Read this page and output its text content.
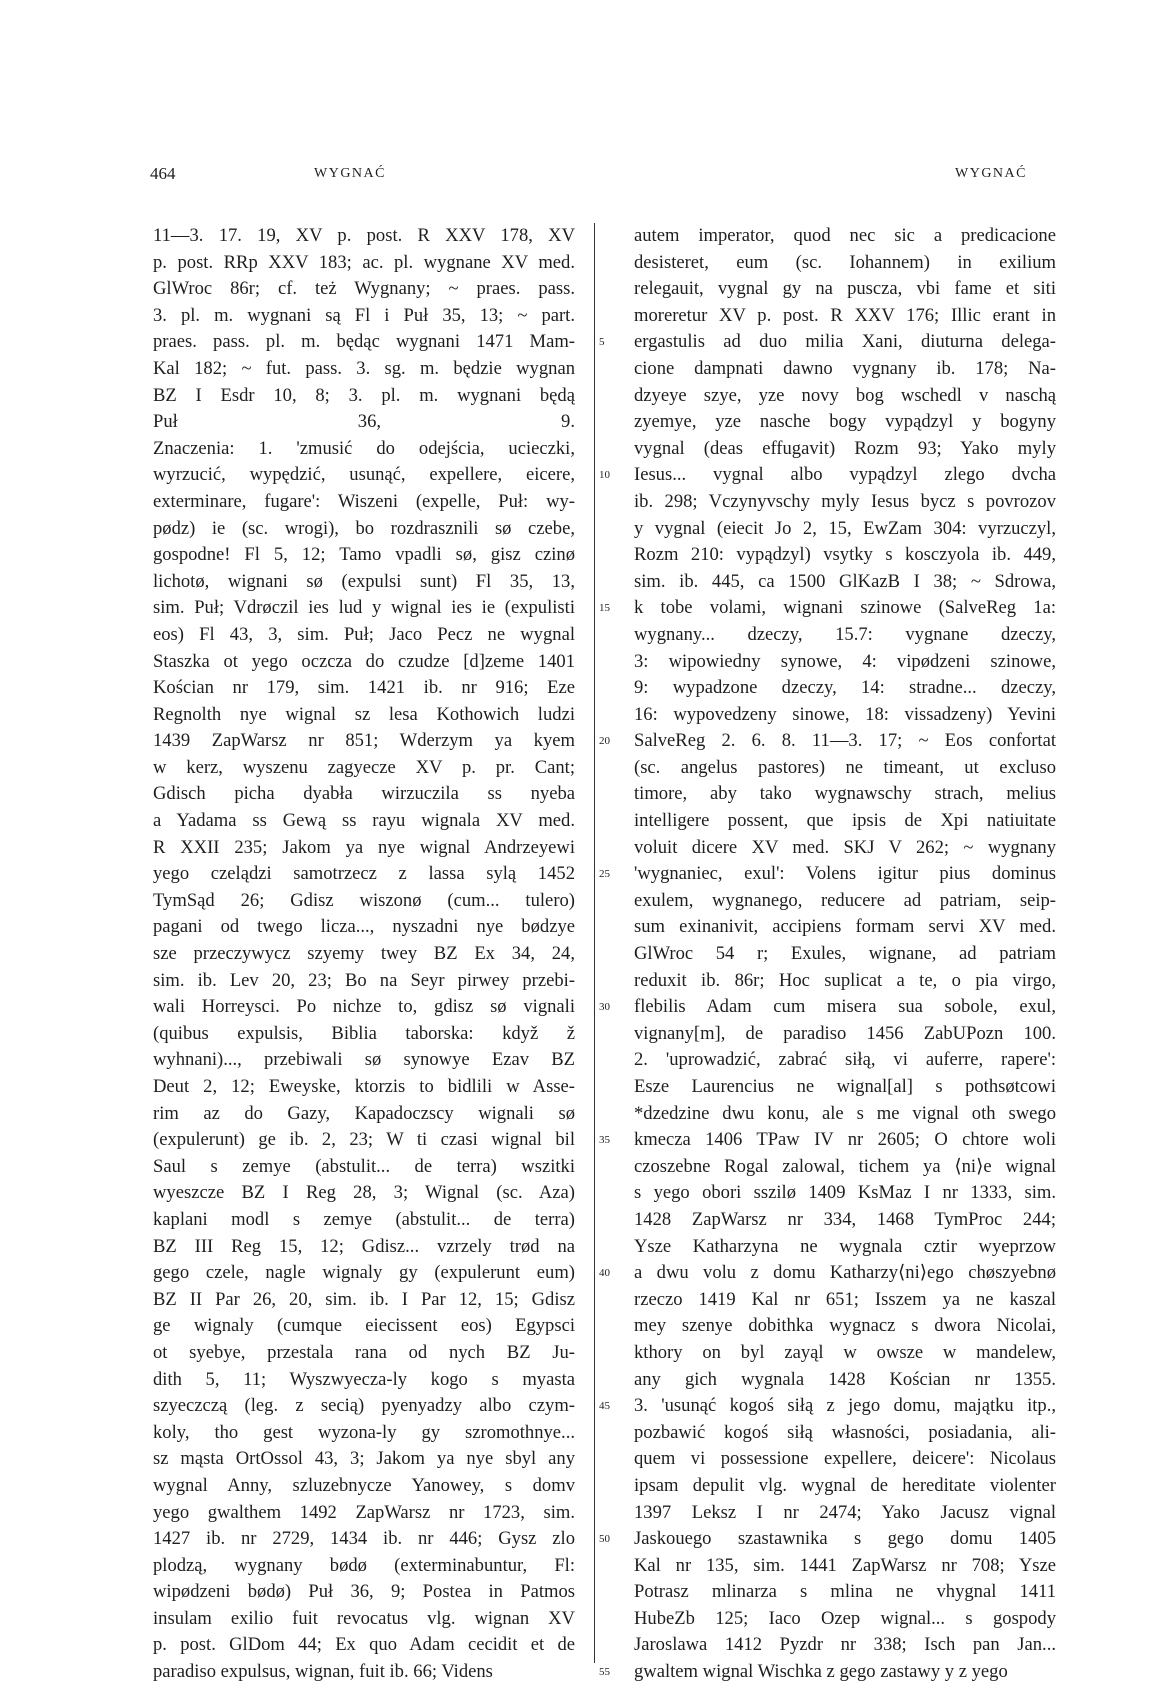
464	WYGNAĆ	WYGNAĆ
11—3. 17. 19, XV p. post. R XXV 178, XV
p. post. RRp XXV 183; ac. pl. wygnane XV med.
GlWroc 86r; cf. też Wygnany; ~ praes. pass.
3. pl. m. wygnani są Fl i Puł 35, 13; ~ part.
praes. pass. pl. m. będąc wygnani 1471 Mam-
Kal 182; ~ fut. pass. 3. sg. m. będzie wygnan
BZ I Esdr 10, 8; 3. pl. m. wygnani będą
Puł 36, 9.
Znaczenia: 1. 'zmusić do odejścia, ucieczki,
wyrzucić, wypędzić, usunąć, expellere, eicere,
exterminare, fugare': Wiszeni (expelle, Puł: wy-
pødz) ie (sc. wrogi), bo rozdrasznili sø czebe,
gospodne! Fl 5, 12; Tamo vpadli sø, gisz czinø
lichotø, wignani sø (expulsi sunt) Fl 35, 13,
sim. Puł; Vdrøczil ies lud y wignal ies ie (expulisti
eos) Fl 43, 3, sim. Puł; Jaco Pecz ne wygnal
Staszka ot yego oczcza do czudze [d]zeme 1401
Kościan nr 179, sim. 1421 ib. nr 916; Eze
Regnolth nye wignal sz lesa Kothowich ludzi
1439 ZapWarsz nr 851; Wderzym ya kyem
w kerz, wyszenu zagyecze XV p. pr. Cant;
Gdisch picha dyabła wirzuczila ss nyeba
a Yadama ss Gewą ss rayu wignala XV med.
R XXII 235; Jakom ya nye wignal Andrzeyewi
yego czelądzi samotrzecz z lassa sylą 1452
TymSąd 26; Gdisz wiszonø (cum... tulero)
pagani od twego licza..., nyszadni nye bødzye
sze przeczywycz szyemy twey BZ Ex 34, 24,
sim. ib. Lev 20, 23; Bo na Seyr pirwey przebi-
wali Horreysci. Po nichze to, gdisz sø vignali
(quibus expulsis, Biblia taborska: když ž
wyhnani)..., przebiwali sø synowye Ezav BZ
Deut 2, 12; Eweyske, ktorzis to bidlili w Asse-
rim az do Gazy, Kapadoczscy wignali sø
(expulerunt) ge ib. 2, 23; W ti czasi wignal bil
Saul s zemye (abstulit... de terra) wszitki
wyeszcze BZ I Reg 28, 3; Wignal (sc. Aza)
kaplani modl s zemye (abstulit... de terra)
BZ III Reg 15, 12; Gdisz... vzrzely trød na
gego czele, nagle wignaly gy (expulerunt eum)
BZ II Par 26, 20, sim. ib. I Par 12, 15; Gdisz
ge wignaly (cumque eiecissent eos) Egypsci
ot syebye, przestala rana od nych BZ Ju-
dith 5, 11; Wyszwyecza-ly kogo s myasta
szyeczczą (leg. z secią) pyenyadzy albo czym-
koly, tho gest wyzona-ly gy szromothnye...
sz mąsta OrtOssol 43, 3; Jakom ya nye sbyl any
wygnal Anny, szluzebnycze Yanowey, s domv
yego gwalthem 1492 ZapWarsz nr 1723, sim.
1427 ib. nr 2729, 1434 ib. nr 446; Gysz zlo
plodzą, wygnany bødø (exterminabuntur, Fl:
wipødzeni bødø) Puł 36, 9; Postea in Patmos
insulam exilio fuit revocatus vlg. wignan XV
p. post. GlDom 44; Ex quo Adam cecidit et de
paradiso expulsus, wignan, fuit ib. 66; Videns
5
10
15
20
25
30
35
40
45
50
55
autem imperator, quod nec sic a predicacione
desisteret, eum (sc. Iohannem) in exilium
relegauit, vygnal gy na puscza, vbi fame et siti
moreretur XV p. post. R XXV 176; Illic erant in
ergastulis ad duo milia Xani, diuturna delega-
cione dampnati dawno vygnany ib. 178; Na-
dzyeye szye, yze novy bog wschedl v naschą
zyemye, yze nasche bogy vypądzyl y bogyny
vygnal (deas effugavit) Rozm 93; Yako myly
Iesus... vygnal albo vypądzyl zlego dvcha
ib. 298; Vczynyvschy myly Iesus bycz s povrozov
y vygnal (eiecit Jo 2, 15, EwZam 304: vyrzuczyl,
Rozm 210: vypądzyl) vsytky s kosczyola ib. 449,
sim. ib. 445, ca 1500 GlKazB I 38; ~ Sdrowa,
k tobe volami, wignani szinowe (SalveReg 1a:
wygnany... dzeczy, 15.7: vygnane dzeczy,
3: wipowiedny synowe, 4: vipødzeni szinowe,
9: wypadzone dzeczy, 14: stradne... dzeczy,
16: wypovedzeny sinowe, 18: vissadzeny) Yevini
SalveReg 2. 6. 8. 11—3. 17; ~ Eos confortat
(sc. angelus pastores) ne timeant, ut excluso
timore, aby tako wygnawschy strach, melius
intelligere possent, que ipsis de Xpi natiuitate
voluit dicere XV med. SKJ V 262; ~ wygnany
'wygnaniec, exul': Volens igitur pius dominus
exulem, wygnanego, reducere ad patriam, seip-
sum exinanivit, accipiens formam servi XV med.
GlWroc 54 r; Exules, wignane, ad patriam
reduxit ib. 86r; Hoc suplicat a te, o pia virgo,
flebilis Adam cum misera sua sobole, exul,
vignany[m], de paradiso 1456 ZabUPozn 100.
2. 'uprowadzić, zabrać siłą, vi auferre, rapere':
Esze Laurencius ne wignal[al] s pothsøtcowi
*dzedzine dwu konu, ale s me vignal oth swego
kmecza 1406 TPaw IV nr 2605; O chtore woli
czoszebne Rogal zalowal, tichem ya ⟨ni⟩e wignal
s yego obori sszilø 1409 KsMaz I nr 1333, sim.
1428 ZapWarsz nr 334, 1468 TymProc 244;
Ysze Katharzyna ne wygnala cztir wyeprzow
a dwu volu z domu Katharzy⟨ni⟩ego chøszyebnø
rzeczo 1419 Kal nr 651; Isszem ya ne kaszal
mey szenye dobithka wygnacz s dwora Nicolai,
kthory on byl zayąl w owsze w mandelew,
any gich wygnala 1428 Kościan nr 1355.
3. 'usunąć kogoś siłą z jego domu, majątku itp.,
pozbawić kogoś siłą własności, posiadania, ali-
quem vi possessione expellere, deicere': Nicolaus
ipsam depulit vlg. wygnal de hereditate violenter
1397 Leksz I nr 2474; Yako Jacusz vignal
Jaskouego szastawnika s gego domu 1405
Kal nr 135, sim. 1441 ZapWarsz nr 708; Ysze
Potrasz mlinarza s mlina ne vhygnal 1411
HubeZb 125; Iaco Ozep wignal... s gospody
Jaroslawa 1412 Pyzdr nr 338; Isch pan Jan...
gwaltem wignal Wischka z gego zastawy y z yego
